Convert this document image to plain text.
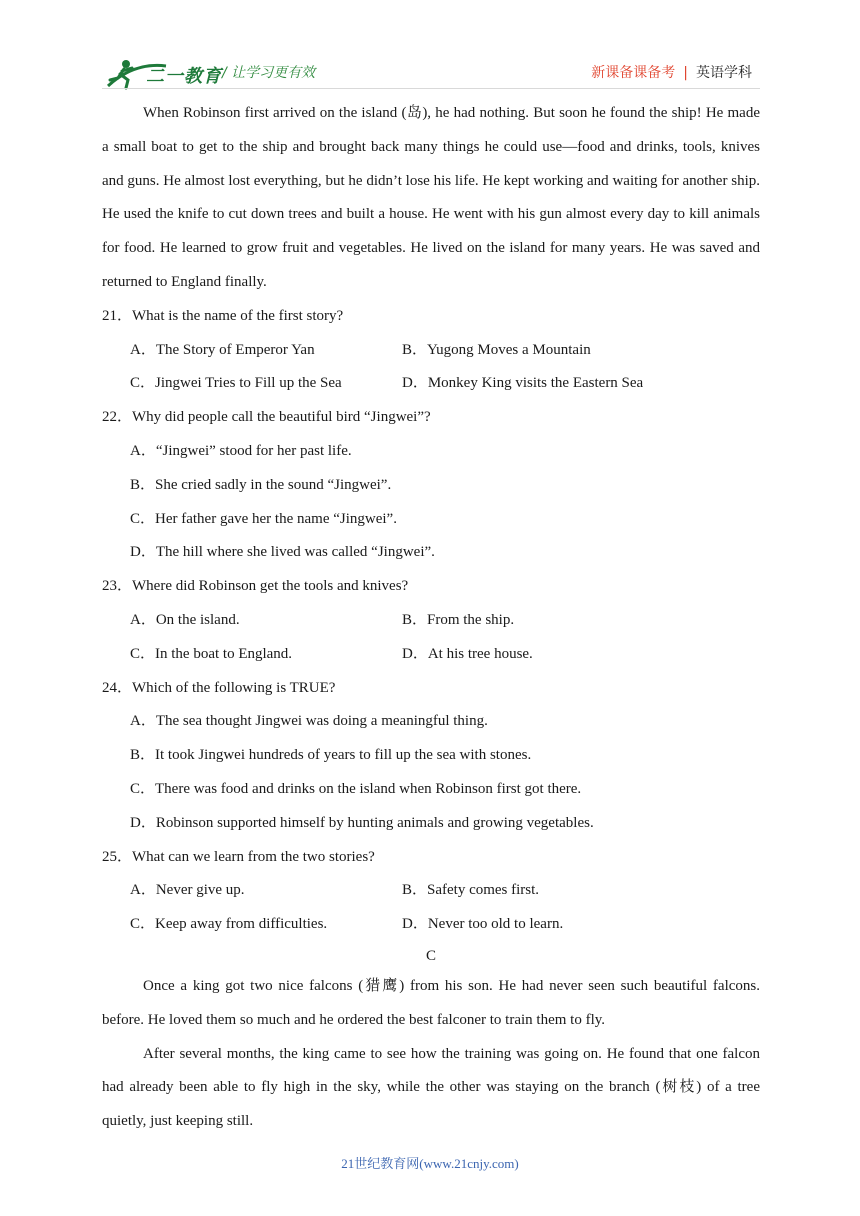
二一教育 / 让学习更有效	新课备课备考 | 英语学科

When Robinson first arrived on the island (岛), he had nothing. But soon he found the ship! He made a small boat to get to the ship and brought back many things he could use—food and drinks, tools, knives and guns. He almost lost everything, but he didn’t lose his life. He kept working and waiting for another ship. He used the knife to cut down trees and built a house. He went with his gun almost every day to kill animals for food. He learned to grow fruit and vegetables. He lived on the island for many years. He was saved and returned to England finally.

21．What is the name of the first story?

A．The Story of Emperor Yan	B．Yugong Moves a Mountain
C．Jingwei Tries to Fill up the Sea	D．Monkey King visits the Eastern Sea

22．Why did people call the beautiful bird “Jingwei”?

A．“Jingwei” stood for her past life.

B．She cried sadly in the sound “Jingwei”.

C．Her father gave her the name “Jingwei”.

D．The hill where she lived was called “Jingwei”.

23．Where did Robinson get the tools and knives?

A．On the island.	B．From the ship.
C．In the boat to England.	D．At his tree house.

24．Which of the following is TRUE?

A．The sea thought Jingwei was doing a meaningful thing.

B．It took Jingwei hundreds of years to fill up the sea with stones.

C．There was food and drinks on the island when Robinson first got there.

D．Robinson supported himself by hunting animals and growing vegetables.

25．What can we learn from the two stories?

A．Never give up.	B．Safety comes first.
C．Keep away from difficulties.	D．Never too old to learn.

C

Once a king got two nice falcons (猎鹰) from his son. He had never seen such beautiful falcons. before. He loved them so much and he ordered the best falconer to train them to fly.

After several months, the king came to see how the training was going on. He found that one falcon had already been able to fly high in the sky, while the other was staying on the branch (树枝) of a tree quietly, just keeping still.

21世纪教育网(www.21cnjy.com)
